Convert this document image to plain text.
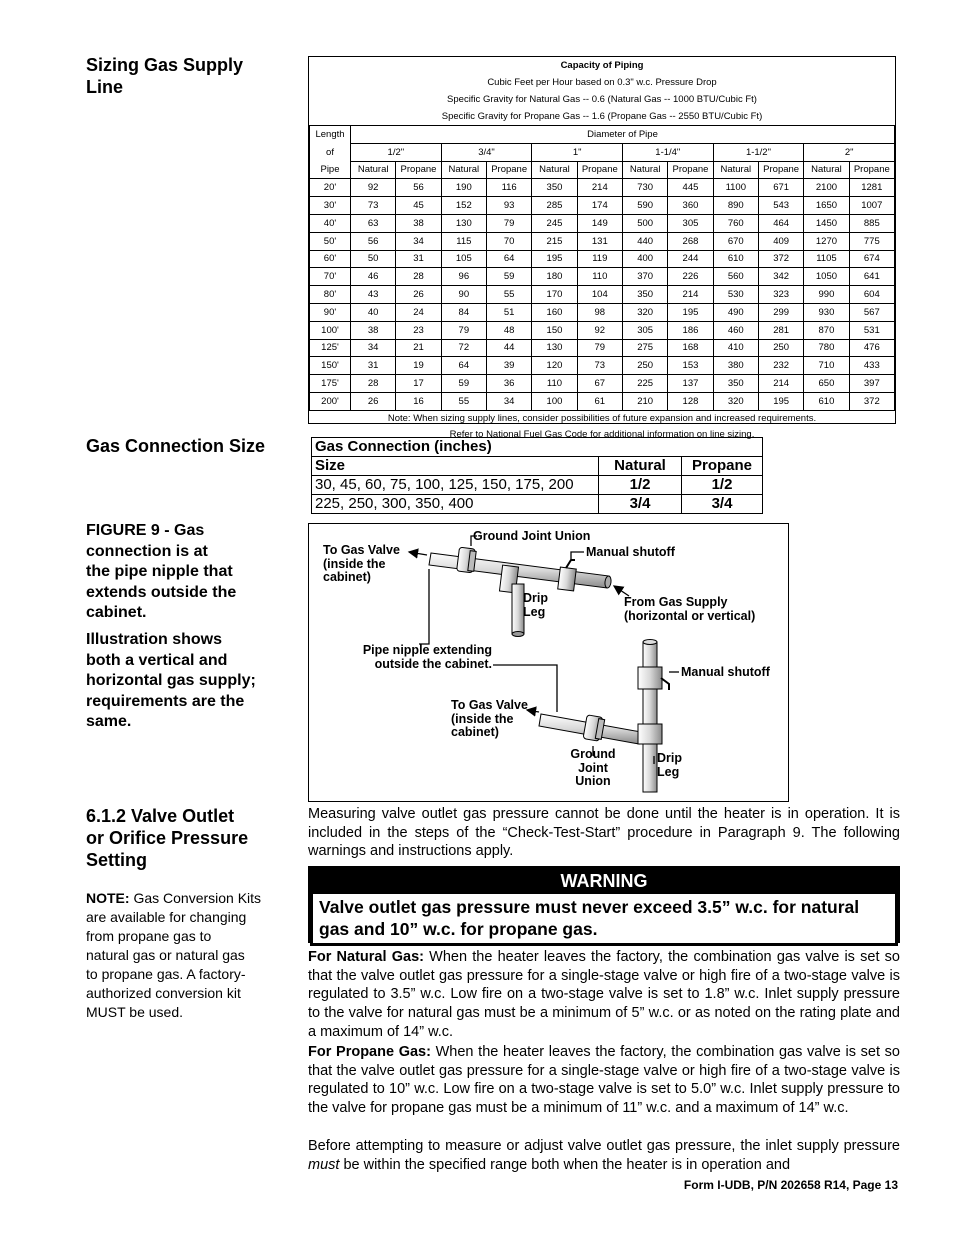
Sizing Gas Supply
Line
Gas Connection Size
FIGURE 9 - Gas
connection is at
the pipe nipple that
extends outside the
cabinet.
Illustration shows
both a vertical and
horizontal gas supply;
requirements are the
same.
6.1.2 Valve Outlet
or Orifice Pressure
Setting
NOTE: Gas Conversion Kits
are available for changing
from propane gas to
natural gas or natural gas
to propane gas. A factory-
authorized conversion kit
MUST be used.
Capacity of Piping												
Cubic Feet per Hour based on 0.3" w.c. Pressure Drop												
Specific Gravity for Natural Gas -- 0.6 (Natural Gas -- 1000 BTU/Cubic Ft)												
Specific Gravity for Propane Gas -- 1.6 (Propane Gas -- 2550 BTU/Cubic Ft)												
Length	Diameter of Pipe											
of	1/2"		3/4"		1"		1-1/4"		1-1/2"		2"	
Pipe	Natural	Propane	Natural	Propane	Natural	Propane	Natural	Propane	Natural	Propane	Natural	Propane
20'	92	56	190	116	350	214	730	445	1100	671	2100	1281
30'	73	45	152	93	285	174	590	360	890	543	1650	1007
40'	63	38	130	79	245	149	500	305	760	464	1450	885
50'	56	34	115	70	215	131	440	268	670	409	1270	775
60'	50	31	105	64	195	119	400	244	610	372	1105	674
70'	46	28	96	59	180	110	370	226	560	342	1050	641
80'	43	26	90	55	170	104	350	214	530	323	990	604
90'	40	24	84	51	160	98	320	195	490	299	930	567
100'	38	23	79	48	150	92	305	186	460	281	870	531
125'	34	21	72	44	130	79	275	168	410	250	780	476
150'	31	19	64	39	120	73	250	153	380	232	710	433
175'	28	17	59	36	110	67	225	137	350	214	650	397
200'	26	16	55	34	100	61	210	128	320	195	610	372
Note: When sizing supply lines, consider possibilities of future expansion and increased requirements.												
Refer to National Fuel Gas Code for additional information on line sizing.												
Gas Connection (inches)		
Size	Natural	Propane
30, 45, 60, 75, 100, 125, 150, 175, 200	1/2	1/2
225, 250, 300, 350, 400	3/4	3/4
To Gas Valve
(inside the
cabinet)
Ground Joint Union
Manual shutoff
Drip
Leg
From Gas Supply
(horizontal or vertical)
Pipe nipple extending
outside the cabinet.
Manual shutoff
To Gas Valve
(inside the
cabinet)
Ground
Joint
Union
Drip
Leg
Measuring valve outlet gas pressure cannot be done until the heater is in operation. It is included in the steps of the “Check-Test-Start” procedure in Paragraph 9. The following warnings and instructions apply.
WARNING
Valve outlet gas pressure must never exceed 3.5” w.c. for natural gas and 10” w.c. for propane gas.
For Natural Gas: When the heater leaves the factory, the combination gas valve is set so that the valve outlet gas pressure for a single-stage valve or high fire of a two-stage valve is regulated to 3.5” w.c. Low fire on a two-stage valve is set to 1.8” w.c. Inlet supply pressure to the valve for natural gas must be a minimum of 5” w.c. or as noted on the rating plate and a maximum of 14” w.c.
For Propane Gas: When the heater leaves the factory, the combination gas valve is set so that the valve outlet gas pressure for a single-stage valve or high fire of a two-stage valve is regulated to 10” w.c. Low fire on a two-stage valve is set to 5.0” w.c. Inlet supply pressure to the valve for propane gas must be a minimum of 11” w.c. and a maximum of 14” w.c.
Before attempting to measure or adjust valve outlet gas pressure, the inlet supply pressure must be within the specified range both when the heater is in operation and
Form I-UDB, P/N 202658 R14, Page 13
